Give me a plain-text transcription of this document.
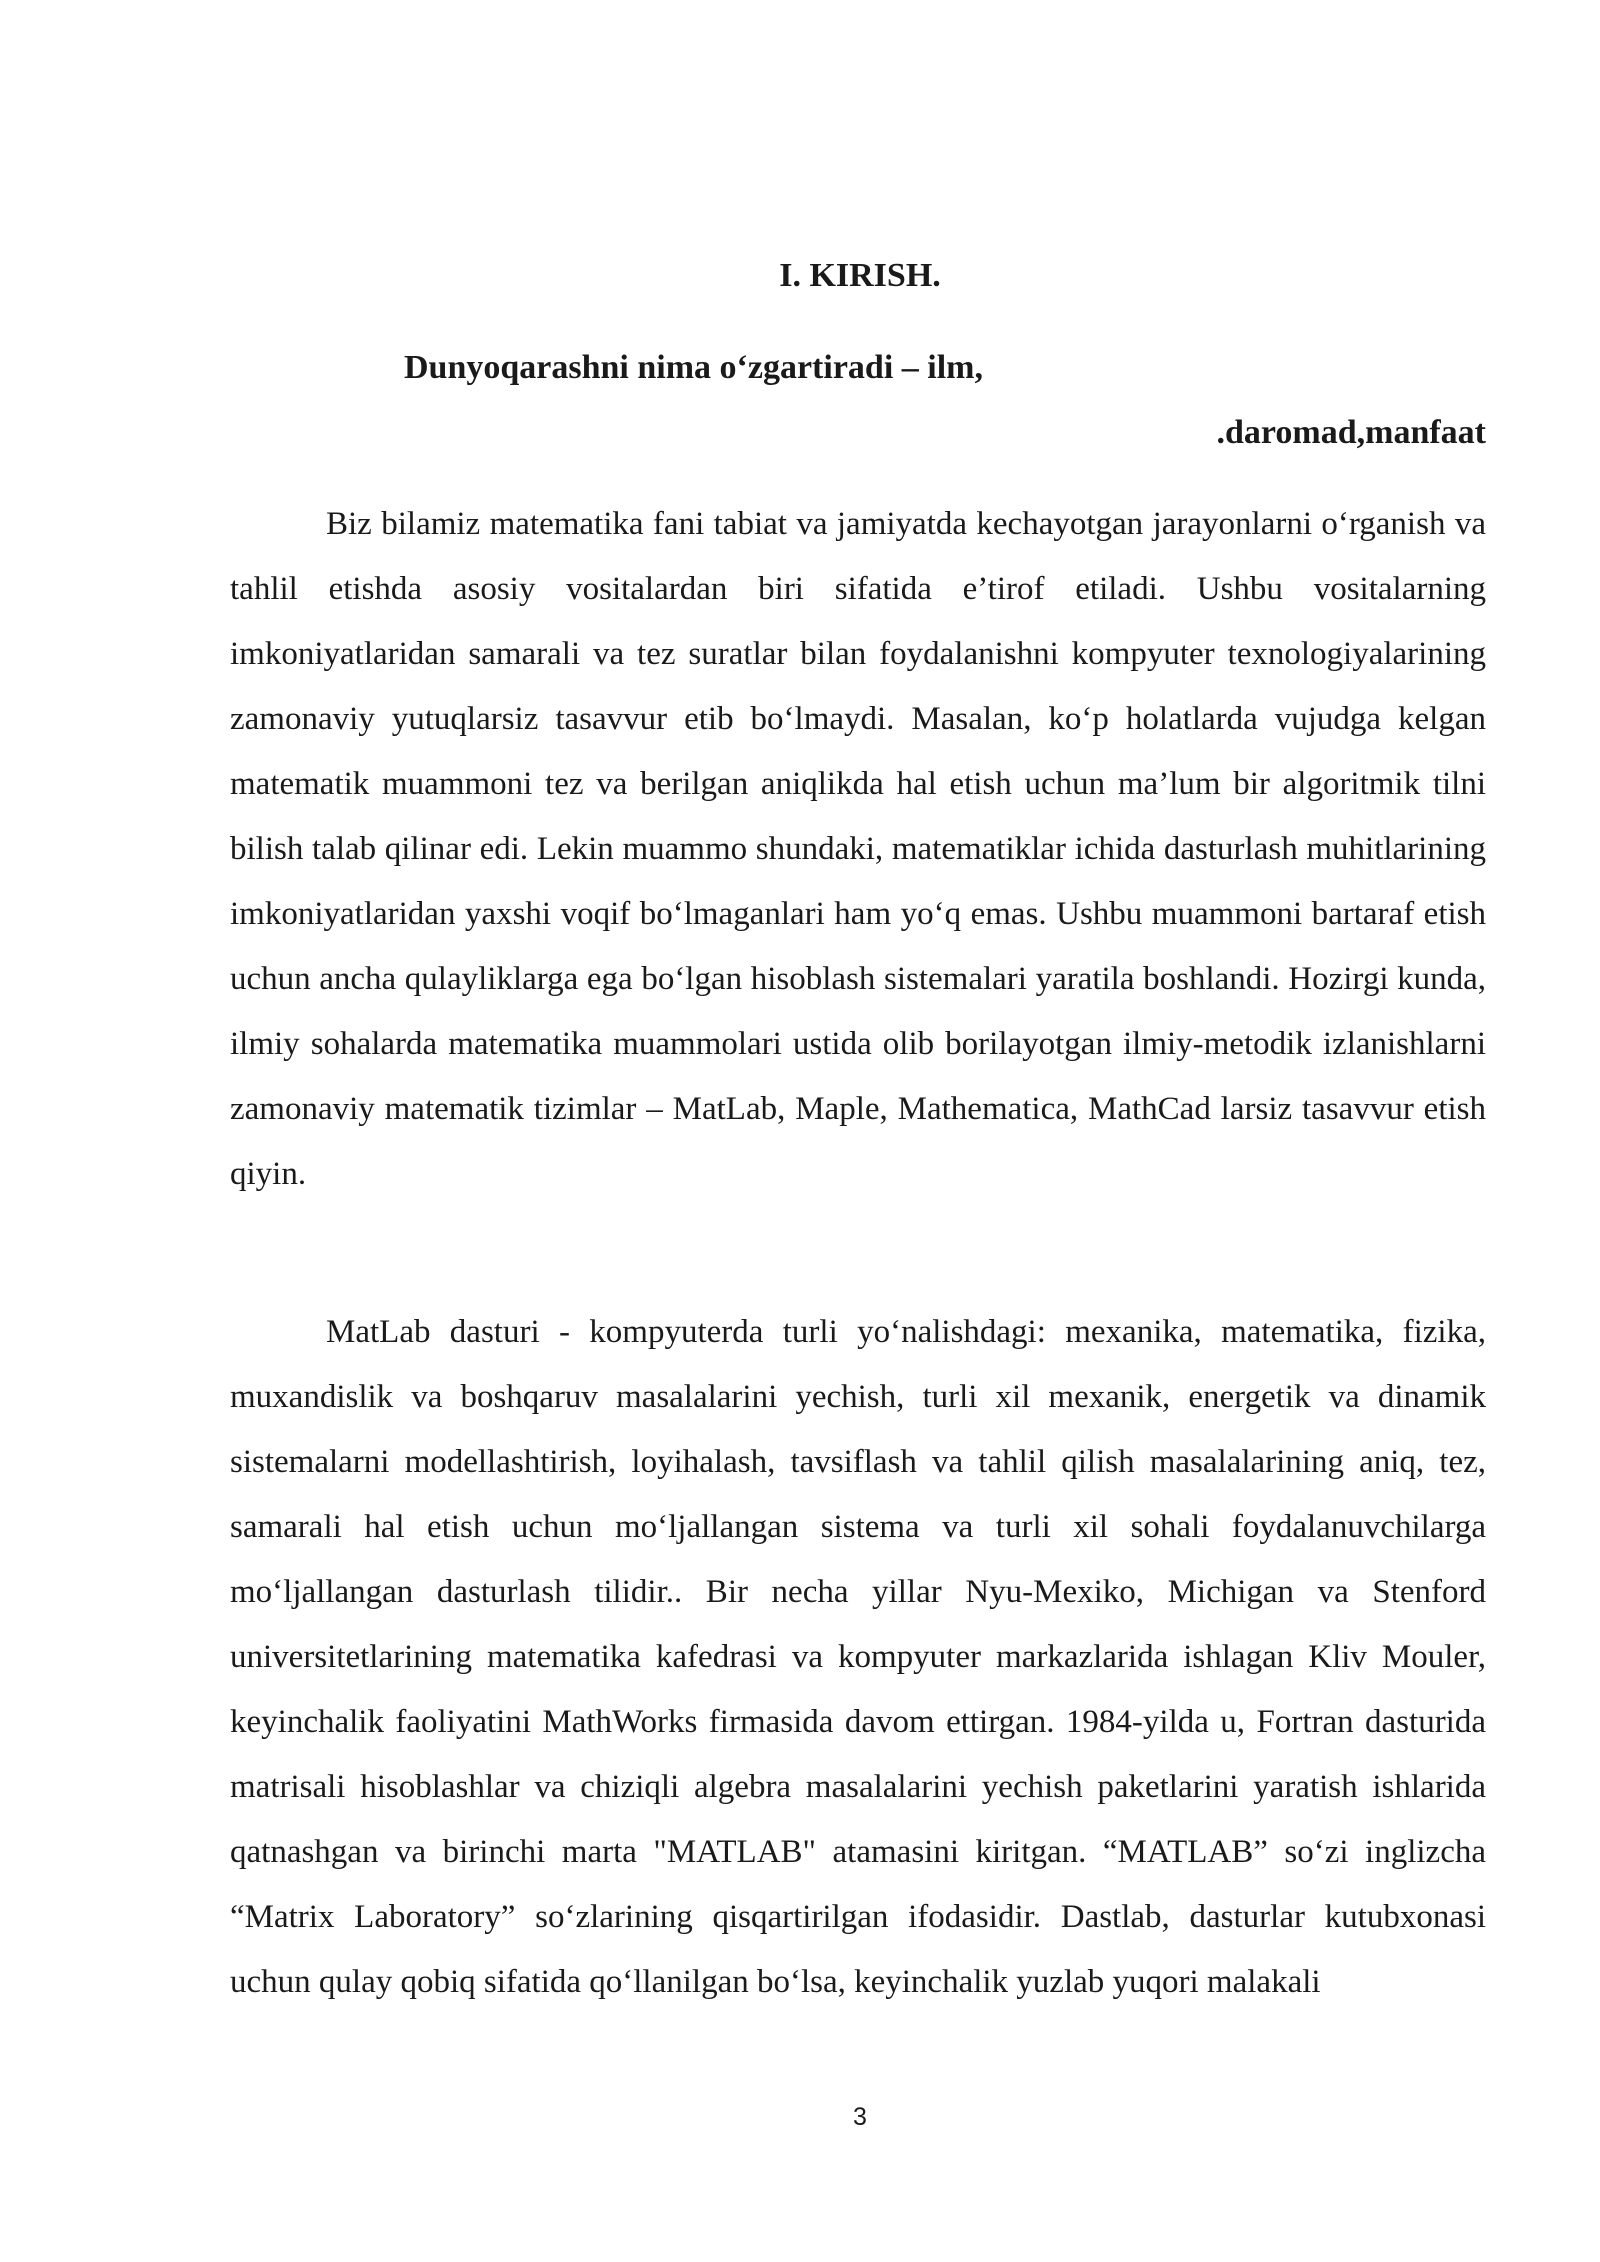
I. KIRISH.
Dunyoqarashni nima o‘zgartiradi – ilm,
.daromad,manfaat

Biz bilamiz matematika fani tabiat va jamiyatda kechayotgan jarayonlarni o‘rganish va tahlil etishda asosiy vositalardan biri sifatida e’tirof etiladi. Ushbu vositalarning imkoniyatlaridan samarali va tez suratlar bilan foydalanishni kompyuter texnologiyalarining zamonaviy yutuqlarsiz tasavvur etib bo‘lmaydi. Masalan, ko‘p holatlarda vujudga kelgan matematik muammoni tez va berilgan aniqlikda hal etish uchun ma’lum bir algoritmik tilni bilish talab qilinar edi. Lekin muammo shundaki, matematiklar ichida dasturlash muhitlarining imkoniyatlaridan yaxshi voqif bo‘lmaganlari ham yo‘q emas. Ushbu muammoni bartaraf etish uchun ancha qulayliklarga ega bo‘lgan hisoblash sistemalari yaratila boshlandi. Hozirgi kunda, ilmiy sohalarda matematika muammolari ustida olib borilayotgan ilmiy-metodik izlanishlarni zamonaviy matematik tizimlar – MatLab, Maple, Mathematica, MathCad larsiz tasavvur etish qiyin.

MatLab dasturi - kompyuterda turli yo‘nalishdagi: mexanika, matematika, fizika, muxandislik va boshqaruv masalalarini yechish, turli xil mexanik, energetik va dinamik sistemalarni modellashtirish, loyihalash, tavsiflash va tahlil qilish masalalarining aniq, tez, samarali hal etish uchun mo‘ljallangan sistema va turli xil sohali foydalanuvchilarga mo‘ljallangan dasturlash tilidir.. Bir necha yillar Nyu-Mexiko, Michigan va Stenford universitetlarining matematika kafedrasi va kompyuter markazlarida ishlagan Kliv Mouler, keyinchalik faoliyatini MathWorks firmasida davom ettirgan. 1984-yilda u, Fortran dasturida matrisali hisoblashlar va chiziqli algebra masalalarini yechish paketlarini yaratish ishlarida qatnashgan va birinchi marta "MATLAB" atamasini kiritgan. “MATLAB” so‘zi inglizcha “Matrix Laboratory” so‘zlarining qisqartirilgan ifodasidir. Dastlab, dasturlar kutubxonasi uchun qulay qobiq sifatida qo‘llanilgan bo‘lsa, keyinchalik yuzlab yuqori malakali

3
